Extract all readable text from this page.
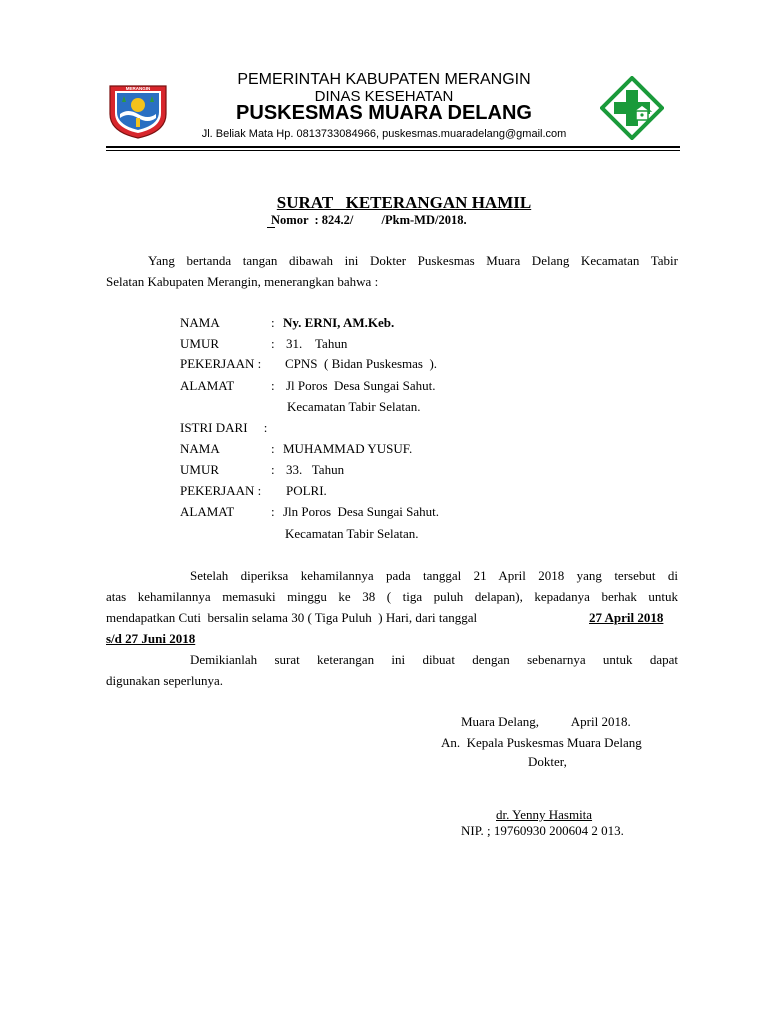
MERANGIN
PEMERINTAH KABUPATEN MERANGIN
DINAS KESEHATAN
PUSKESMAS MUARA DELANG
Jl. Beliak Mata Hp. 0813733084966, puskesmas.muaradelang@gmail.com
SURAT   KETERANGAN HAMIL
Nomor  : 824.2/         /Pkm-MD/2018.
Yang bertanda tangan dibawah ini Dokter Puskesmas Muara Delang Kecamatan Tabir
Selatan Kabupaten Merangin, menerangkan bahwa :
NAMA	: Ny. ERNI, AM.Keb.
UMUR	: 31.    Tahun
PEKERJAAN : CPNS  ( Bidan Puskesmas  ).
ALAMAT	: Jl Poros  Desa Sungai Sahut.
Kecamatan Tabir Selatan.
ISTRI DARI     :
NAMA	: MUHAMMAD YUSUF.
UMUR	: 33.   Tahun
PEKERJAAN : POLRI.
ALAMAT	: Jln Poros  Desa Sungai Sahut.
Kecamatan Tabir Selatan.
Setelah diperiksa kehamilannya pada tanggal 21 April 2018 yang tersebut di
atas kehamilannya memasuki minggu ke 38 ( tiga puluh delapan), kepadanya berhak untuk
mendapatkan Cuti  bersalin selama 30 ( Tiga Puluh  ) Hari, dari tanggal	27 April 2018
s/d 27 Juni 2018
Demikianlah surat keterangan ini dibuat dengan sebenarnya untuk dapat
digunakan seperlunya.
Muara Delang,          April 2018.
An.  Kepala Puskesmas Muara Delang
Dokter,
dr. Yenny Hasmita
NIP. ; 19760930 200604 2 013.
